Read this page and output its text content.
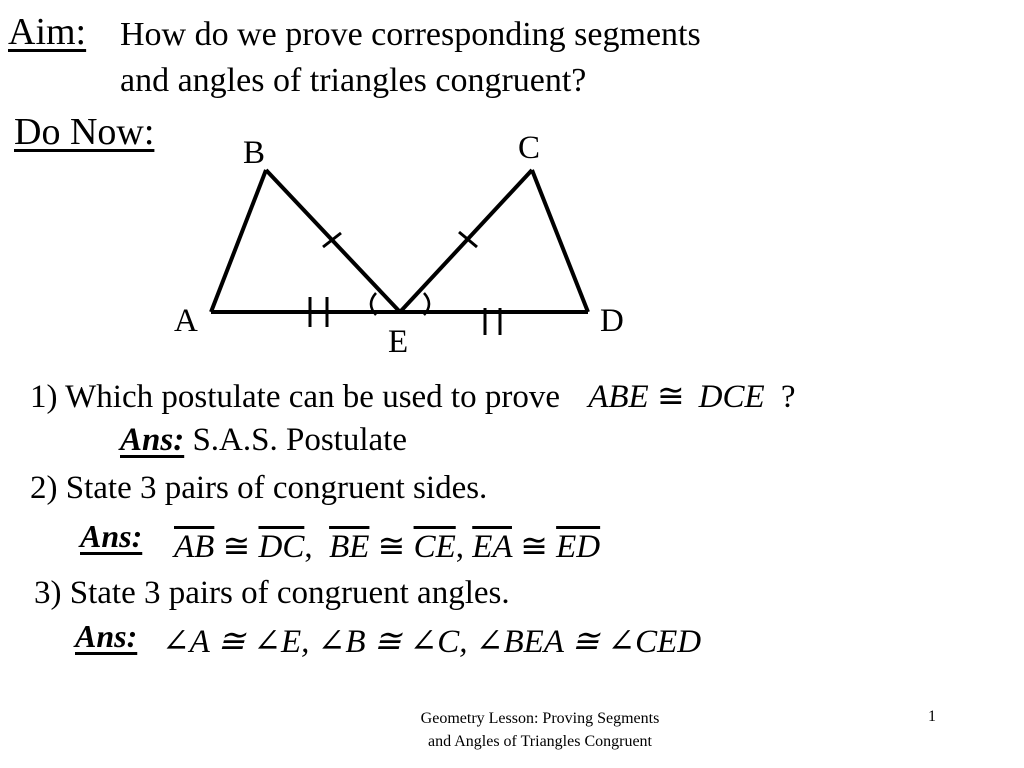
Aim: How do we prove corresponding segments
and angles of triangles congruent?
Do Now:
A
B	C
D
E
1) Which postulate can be used to prove ABE ≅ DCE ?
Ans: S.A.S. Postulate
2) State 3 pairs of congruent sides.
Ans: $\overline{AB}$ ≅ $\overline{DC}$, $\overline{BE}$ ≅ $\overline{CE}$, $\overline{EA}$ ≅ $\overline{ED}$
3) State 3 pairs of congruent angles.
Ans: ∠A ≅ ∠E, ∠B ≅ ∠C, ∠BEA ≅ ∠CED
Geometry Lesson: Proving Segments
and Angles of Triangles Congruent
1
